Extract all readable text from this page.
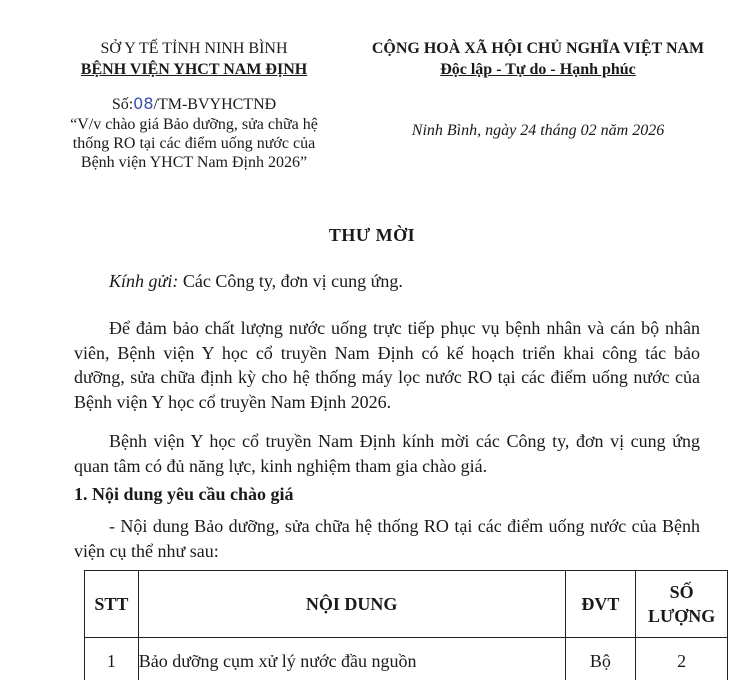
SỞ Y TẾ TỈNH NINH BÌNH
BỆNH VIỆN YHCT NAM ĐỊNH
Số:08/TM-BVYHCTNĐ
“V/v chào giá Bảo dưỡng, sửa chữa hệ
thống RO tại các điểm uống nước của
Bệnh viện YHCT Nam Định 2026”
CỘNG HOÀ XÃ HỘI CHỦ NGHĨA VIỆT NAM
Độc lập - Tự do - Hạnh phúc
Ninh Bình, ngày 24 tháng 02 năm 2026
THƯ MỜI
Kính gửi: Các Công ty, đơn vị cung ứng.
Để đảm bảo chất lượng nước uống trực tiếp phục vụ bệnh nhân và cán bộ nhân viên, Bệnh viện Y học cổ truyền Nam Định có kế hoạch triển khai công tác bảo dưỡng, sửa chữa định kỳ cho hệ thống máy lọc nước RO tại các điểm uống nước của Bệnh viện Y học cổ truyền Nam Định 2026.
Bệnh viện Y học cổ truyền Nam Định kính mời các Công ty, đơn vị cung ứng quan tâm có đủ năng lực, kinh nghiệm tham gia chào giá.
1. Nội dung yêu cầu chào giá
- Nội dung Bảo dưỡng, sửa chữa hệ thống RO tại các điểm uống nước của Bệnh viện cụ thể như sau:
STT	NỘI DUNG	ĐVT	SỐ
LƯỢNG

1	Bảo dưỡng cụm xử lý nước đầu nguồn	Bộ	2
